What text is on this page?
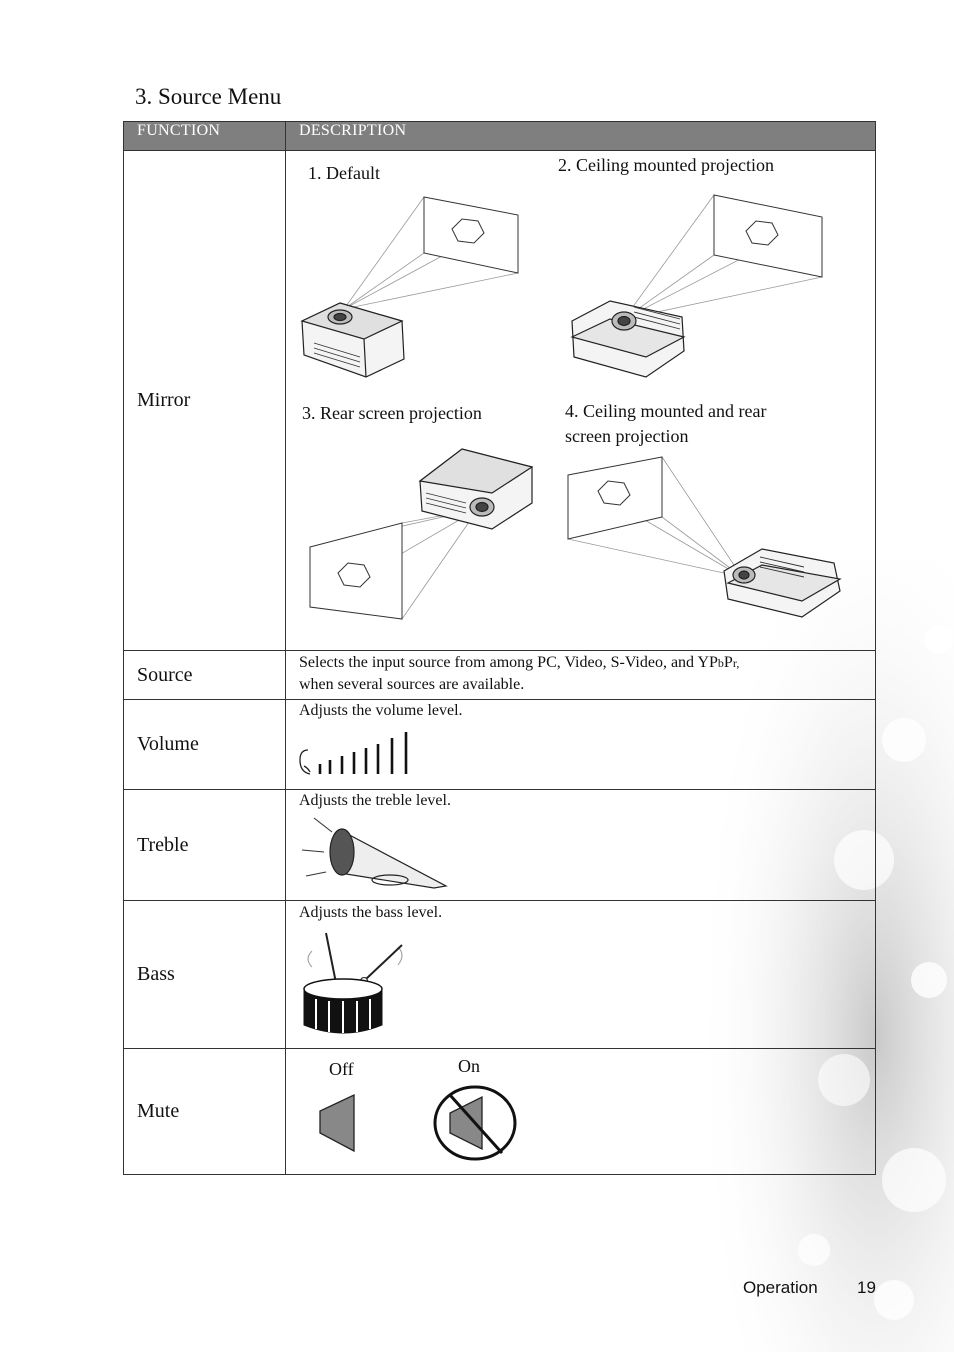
3. Source Menu
FUNCTION	DESCRIPTION
Mirror	1. Default 2. Ceiling mounted projection
3. Rear screen projection 4. Ceiling mounted and rear
screen projection

Source	Selects the input source from among PC, Video, S-Video, and YPbPr,
when several sources are available.

Volume	Adjusts the volume level.

Treble	Adjusts the treble level.

Bass	Adjusts the bass level.

Mute	Off On
Operation 19
